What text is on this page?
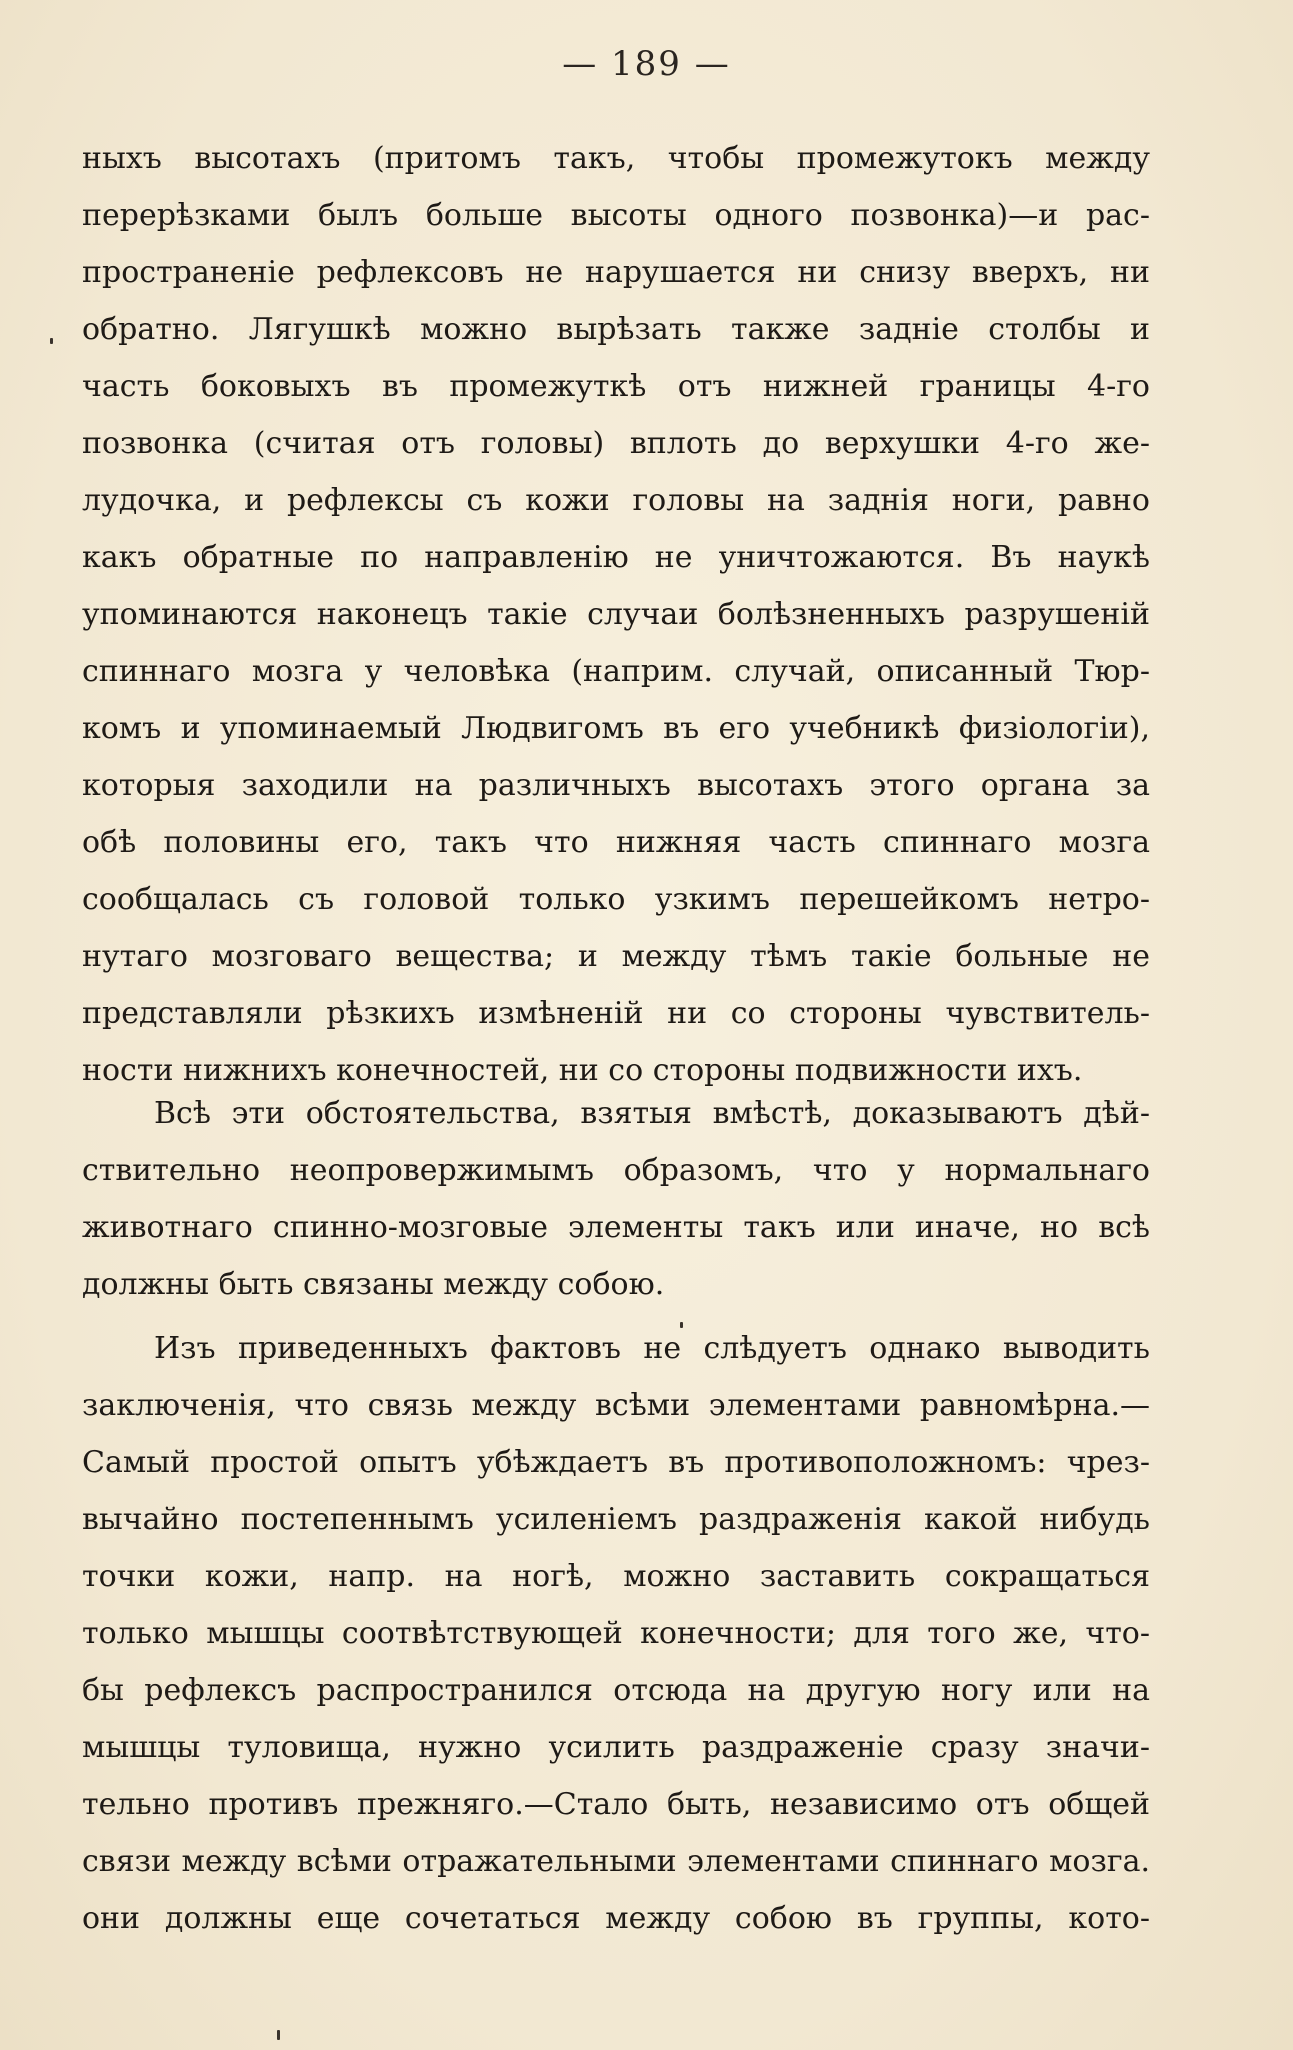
— 189 —
ныхъ высотахъ (притомъ такъ, чтобы промежутокъ между
перерѣзками былъ больше высоты одного позвонка)—и рас-
пространенiе рефлексовъ не нарушается ни снизу вверхъ, ни
обратно. Лягушкѣ можно вырѣзать также заднiе столбы и
часть боковыхъ въ промежуткѣ отъ нижней границы 4-го
позвонка (считая отъ головы) вплоть до верхушки 4-го же-
лудочка, и рефлексы съ кожи головы на заднiя ноги, равно
какъ обратные по направленiю не уничтожаются. Въ наукѣ
упоминаются наконецъ такiе случаи болѣзненныхъ разрушенiй
спиннаго мозга у человѣка (наприм. случай, описанный Тюр-
комъ и упоминаемый Людвигомъ въ его учебникѣ физiологiи),
которыя заходили на различныхъ высотахъ этого органа за
обѣ половины его, такъ что нижняя часть спиннаго мозга
сообщалась съ головой только узкимъ перешейкомъ нетро-
нутаго мозговаго вещества; и между тѣмъ такiе больные не
представляли рѣзкихъ измѣненiй ни со стороны чувствитель-
ности нижнихъ конечностей, ни со стороны подвижности ихъ.
Всѣ эти обстоятельства, взятыя вмѣстѣ, доказываютъ дѣй-
ствительно неопровержимымъ образомъ, что у нормальнаго
животнаго спинно-мозговые элементы такъ или иначе, но всѣ
должны быть связаны между собою.
Изъ приведенныхъ фактовъ не слѣдуетъ однако выводить
заключенiя, что связь между всѣми элементами равномѣрна.—
Самый простой опытъ убѣждаетъ въ противоположномъ: чрез-
вычайно постепеннымъ усиленiемъ раздраженiя какой нибудь
точки кожи, напр. на ногѣ, можно заставить сокращаться
только мышцы соотвѣтствующей конечности; для того же, что-
бы рефлексъ распространился отсюда на другую ногу или на
мышцы туловища, нужно усилить раздраженiе сразу значи-
тельно противъ прежняго.—Стало быть, независимо отъ общей
связи между всѣми отражательными элементами спиннаго мозга.
они должны еще сочетаться между собою въ группы, кото-
